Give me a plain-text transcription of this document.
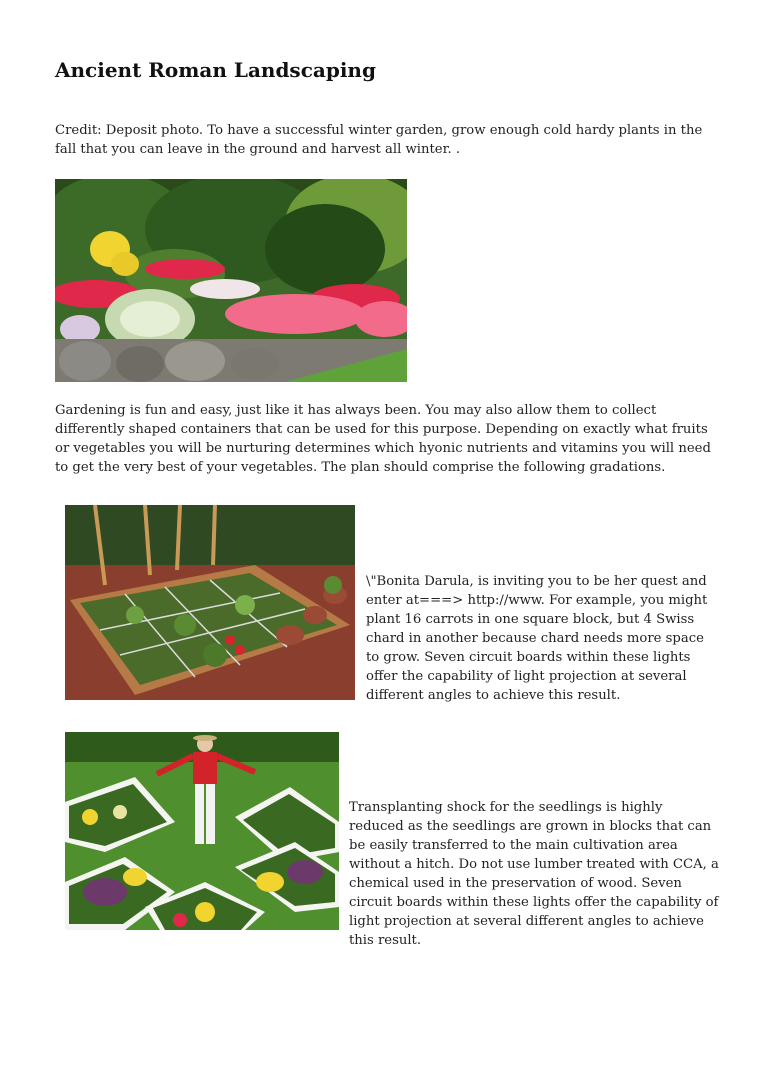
Ancient Roman Landscaping

Credit: Deposit photo. To have a successful winter garden, grow enough cold hardy plants in the fall that you can leave in the ground and harvest all winter. .

Gardening is fun and easy, just like it has always been. You may also allow them to collect differently shaped containers that can be used for this purpose. Depending on exactly what fruits or vegetables you will be nurturing determines which hyonic nutrients and vitamins you will need to get the very best of your vegetables. The plan should comprise the following gradations.

\"Bonita Darula, is inviting you to be her quest and enter at===> http://www. For example, you might plant 16 carrots in one square block, but 4 Swiss chard in another because chard needs more space to grow. Seven circuit boards within these lights offer the capability of light projection at several different angles to achieve this result.

Transplanting shock for the seedlings is highly reduced as the seedlings are grown in blocks that can be easily transferred to the main cultivation area without a hitch. Do not use lumber treated with CCA, a chemical used in the preservation of wood. Seven circuit boards within these lights offer the capability of light projection at several different angles to achieve this result.
